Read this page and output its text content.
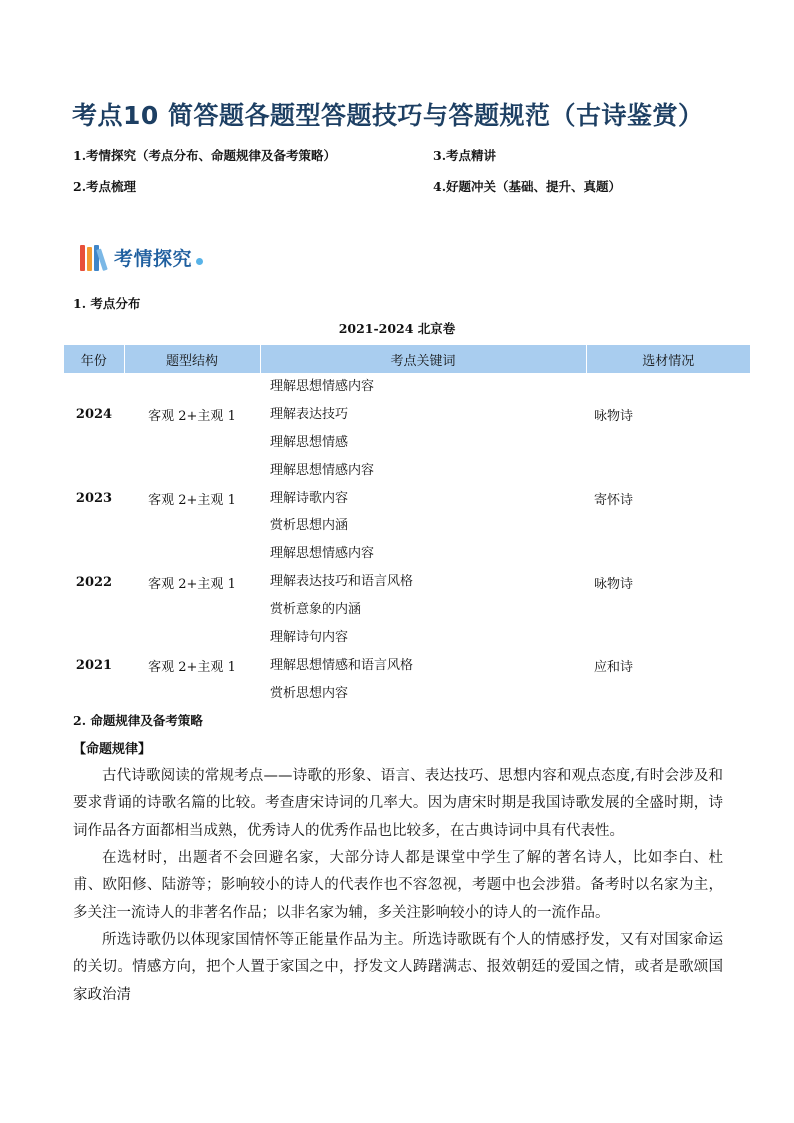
考点10 简答题各题型答题技巧与答题规范（古诗鉴赏）
1.考情探究（考点分布、命题规律及备考策略）	3.考点精讲
2.考点梳理	4.好题冲关（基础、提升、真题）
考情探究
1. 考点分布
2021-2024 北京卷
年份	题型结构	考点关键词	选材情况
2024	客观 2+主观 1	理解思想情感内容
理解表达技巧
理解思想情感	咏物诗
2023	客观 2+主观 1	理解思想情感内容
理解诗歌内容
赏析思想内涵	寄怀诗
2022	客观 2+主观 1	理解思想情感内容
理解表达技巧和语言风格
赏析意象的内涵	咏物诗
2021	客观 2+主观 1	理解诗句内容
理解思想情感和语言风格
赏析思想内容	应和诗
2. 命题规律及备考策略
【命题规律】
古代诗歌阅读的常规考点——诗歌的形象、语言、表达技巧、思想内容和观点态度,有时会涉及和要求背诵的诗歌名篇的比较。考查唐宋诗词的几率大。因为唐宋时期是我国诗歌发展的全盛时期，诗词作品各方面都相当成熟，优秀诗人的优秀作品也比较多，在古典诗词中具有代表性。
在选材时，出题者不会回避名家，大部分诗人都是课堂中学生了解的著名诗人，比如李白、杜甫、欧阳修、陆游等；影响较小的诗人的代表作也不容忽视，考题中也会涉猎。备考时以名家为主，多关注一流诗人的非著名作品；以非名家为辅，多关注影响较小的诗人的一流作品。
所选诗歌仍以体现家国情怀等正能量作品为主。所选诗歌既有个人的情感抒发，又有对国家命运的关切。情感方向，把个人置于家国之中，抒发文人踌躇满志、报效朝廷的爱国之情，或者是歌颂国家政治清
